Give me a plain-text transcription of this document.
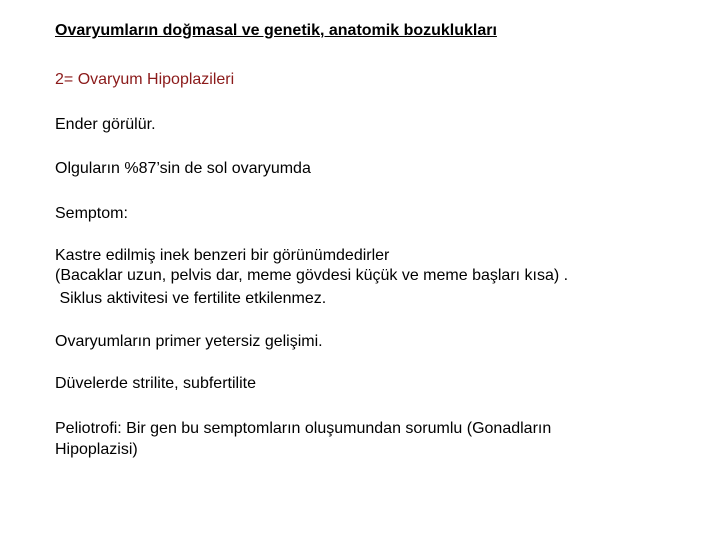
Ovaryumların doğmasal ve genetik, anatomik bozuklukları
2= Ovaryum Hipoplazileri
Ender görülür.
Olguların %87’sin de sol ovaryumda
Semptom:
Kastre edilmiş inek benzeri bir görünümdedirler
(Bacaklar uzun, pelvis dar, meme gövdesi küçük ve meme başları kısa) .
Siklus aktivitesi ve fertilite etkilenmez.
Ovaryumların primer yetersiz gelişimi.
Düvelerde strilite, subfertilite
Peliotrofi: Bir gen bu semptomların oluşumundan sorumlu (Gonadların
Hipoplazisi)
